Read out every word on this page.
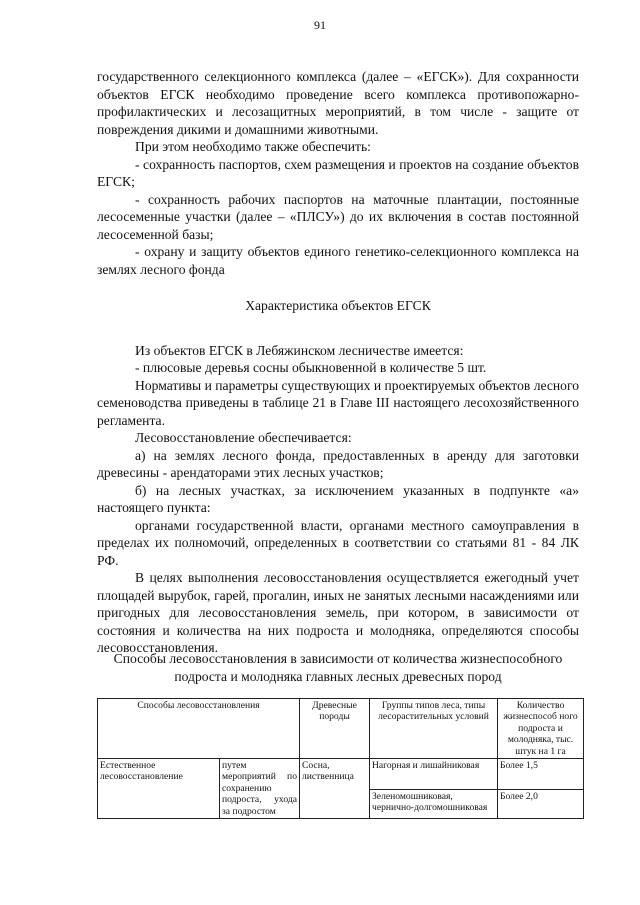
91

государственного селекционного комплекса (далее – «ЕГСК»). Для сохранности объектов ЕГСК необходимо проведение всего комплекса противопожарно-профилактических и лесозащитных мероприятий, в том числе - защите от повреждения дикими и домашними животными.

При этом необходимо также обеспечить:

- сохранность паспортов, схем размещения и проектов на создание объектов ЕГСК;

- сохранность рабочих паспортов на маточные плантации, постоянные лесосеменные участки (далее – «ПЛСУ») до их включения в состав постоянной лесосеменной базы;

- охрану и защиту объектов единого генетико-селекционного комплекса на землях лесного фонда

Характеристика объектов ЕГСК

Из объектов ЕГСК в Лебяжинском лесничестве имеется:

- плюсовые деревья сосны обыкновенной в количестве 5 шт.

Нормативы и параметры существующих и проектируемых объектов лесного семеноводства приведены в таблице 21 в Главе III настоящего лесохозяйственного регламента.

Лесовосстановление обеспечивается:

а) на землях лесного фонда, предоставленных в аренду для заготовки древесины - арендаторами этих лесных участков;

б) на лесных участках, за исключением указанных в подпункте «а» настоящего пункта:

органами государственной власти, органами местного самоуправления в пределах их полномочий, определенных в соответствии со статьями 81 - 84 ЛК РФ.

В целях выполнения лесовосстановления осуществляется ежегодный учет площадей вырубок, гарей, прогалин, иных не занятых лесными насаждениями или пригодных для лесовосстановления земель, при котором, в зависимости от состояния и количества на них подроста и молодняка, определяются способы лесовосстановления.

Способы лесовосстановления в зависимости от количества жизнеспособного
подроста и молодняка главных лесных древесных пород
Способы лесовосстановления		Древесные породы	Группы типов леса, типы лесорастительных условий	Количество жизнеспособ ного подроста и молодняка, тыс. штук на 1 га
Естественное лесовосстановление	путем мероприятий по сохранению подроста, ухода за подростом	Сосна, лиственница	Нагорная и лишайниковая	Более 1,5
			Зеленомошниковая, чернично-долгомошниковая	Более 2,0
